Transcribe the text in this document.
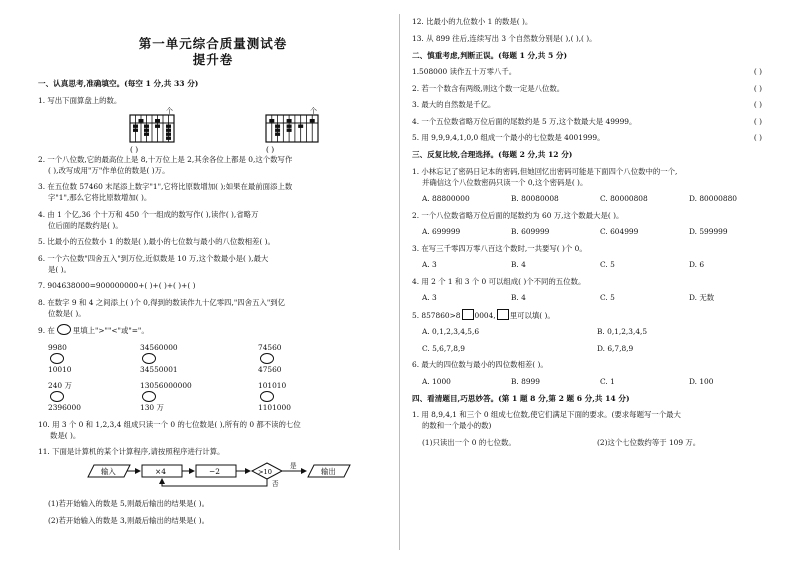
第一单元综合质量测试卷
提升卷
一、认真思考,准确填空。(每空 1 分,共 33 分)
1. 写出下面算盘上的数。
个	个
( )	( )
2. 一个八位数,它的最高位上是 8,十万位上是 2,其余各位上都是 0,这个数写作
( ),改写成用"万"作单位的数是( )万。
3. 在五位数 57460 末尾添上数字"1",它将比原数增加( );如果在最前面添上数
字"1",那么它将比原数增加( )。
4. 由 1 个亿,36 个十万和 450 个一组成的数写作( ),读作( ),省略万
位后面的尾数约是( )。
5. 比最小的五位数小 1 的数是( ),最小的七位数与最小的八位数相差( )。
6. 一个六位数"四舍五入"到万位,近似数是 10 万,这个数最小是( ),最大
是( )。
7. 904638000=900000000+( )+( )+( )+( )
8. 在数字 9 和 4 之间添上( )个 0,得到的数读作九十亿零四,"四舍五入"到亿
位数是( )。
9. 在 里填上">""<"或"="。
9980
10010
34560000
34550001
74560
47560
240 万
2396000
13056000000
130 万
101010
1101000
10. 用 3 个 0 和 1,2,3,4 组成只读一个 0 的七位数是( ),所有的 0 都不读的七位
数是( )。
11. 下面是计算机的某个计算程序,请按照程序进行计算。
输入	×4	−2	>10
是
输出
否
(1)若开始输入的数是 5,则最后输出的结果是( )。
(2)若开始输入的数是 3,则最后输出的结果是( )。
12. 比最小的九位数小 1 的数是( )。
13. 从 899 往后,连续写出 3 个自然数分别是( ),( ),( )。
二、慎重考虑,判断正误。(每题 1 分,共 5 分)
1.508000 读作五十万零八千。	( )
2. 若一个数含有两级,则这个数一定是八位数。	( )
3. 最大的自然数是千亿。	( )
4. 一个五位数省略万位后面的尾数约是 5 万,这个数最大是 49999。	( )
5. 用 9,9,9,4,1,0,0 组成一个最小的七位数是 4001999。	( )
三、反复比较,合理选择。(每题 2 分,共 12 分)
1. 小林忘记了密码日记本的密码,但她回忆出密码可能是下面四个八位数中的一个,
并确信这个八位数密码只读一个 0,这个密码是( )。
A. 88800000	B. 80080008	C. 80000808	D. 80000880
2. 一个八位数省略万位后面的尾数约为 60 万,这个数最大是( )。
A. 699999	B. 609999	C. 604999	D. 599999
3. 在写三千零四万零八百这个数时,一共要写( )个 0。
A. 3	B. 4	C. 5	D. 6
4. 用 2 个 1 和 3 个 0 可以组成( )个不同的五位数。
A. 3	B. 4	C. 5	D. 无数
5. 857860>8 0004, 里可以填( )。
A. 0,1,2,3,4,5,6	B. 0,1,2,3,4,5
C. 5,6,7,8,9	D. 6,7,8,9
6. 最大的四位数与最小的四位数相差( )。
A. 1000	B. 8999	C. 1	D. 100
四、看清题目,巧思妙答。(第 1 题 8 分,第 2 题 6 分,共 14 分)
1. 用 8,9,4,1 和三个 0 组成七位数,使它们满足下面的要求。(要求每题写一个最大
的数和一个最小的数)
(1)只读出一个 0 的七位数。	(2)这个七位数约等于 109 万。
